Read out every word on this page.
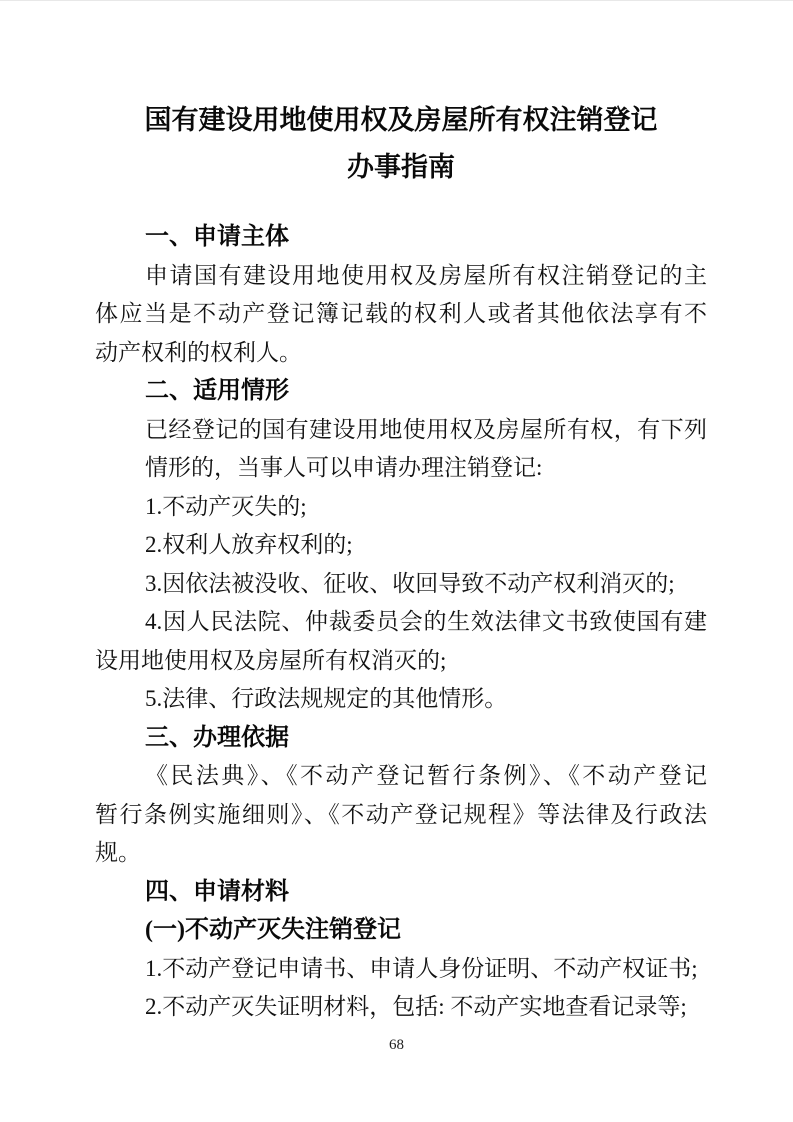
国有建设用地使用权及房屋所有权注销登记
办事指南
一、申请主体
申请国有建设用地使用权及房屋所有权注销登记的主
体应当是不动产登记簿记载的权利人或者其他依法享有不
动产权利的权利人。
二、适用情形
已经登记的国有建设用地使用权及房屋所有权，有下列
情形的，当事人可以申请办理注销登记:
1.不动产灭失的;
2.权利人放弃权利的;
3.因依法被没收、征收、收回导致不动产权利消灭的;
4.因人民法院、仲裁委员会的生效法律文书致使国有建
设用地使用权及房屋所有权消灭的;
5.法律、行政法规规定的其他情形。
三、办理依据
《民法典》、《不动产登记暂行条例》、《不动产登记
暂行条例实施细则》、《不动产登记规程》等法律及行政法
规。
四、申请材料
(一)不动产灭失注销登记
1.不动产登记申请书、申请人身份证明、不动产权证书;
2.不动产灭失证明材料，包括: 不动产实地查看记录等;
68
